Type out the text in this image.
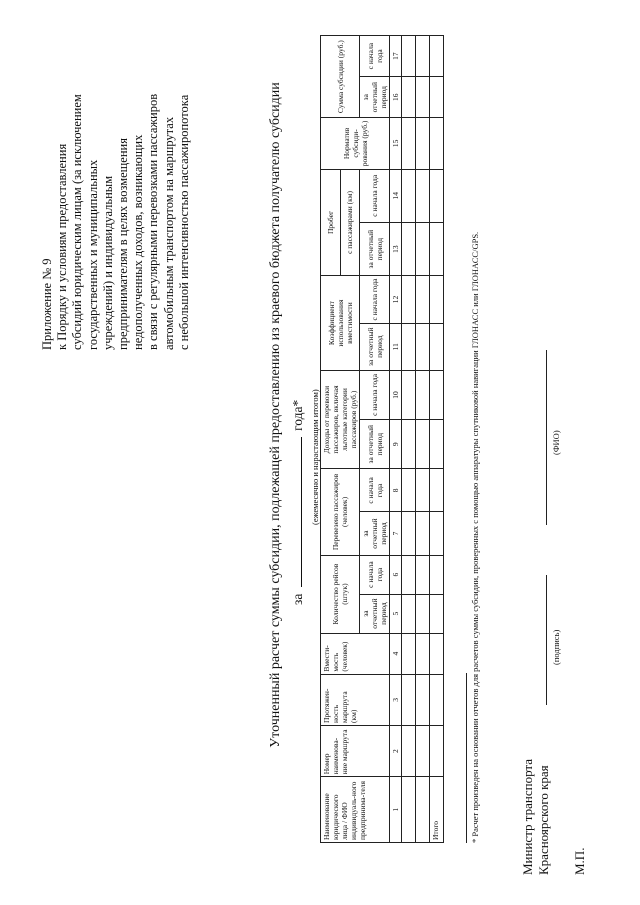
Приложение № 9 к Порядку и условиям предоставления субсидий юридическим лицам (за исключением государственных и муниципальных учреждений) и индивидуальным предпринимателям в целях возмещения недополученных доходов, возникающих в связи с регулярными перевозками пассажиров автомобильным транспортом на маршрутах с небольшой интенсивностью пассажиропотока	Уточненный расчет суммы субсидии, подлежащей предоставлению из краевого бюджета получателю субсидии за  года* (ежемесячно и нарастающим итогом)
Наименование юридического лица / ФИО индивидуаль-ного предпринима-теля	Номер наименова-ние маршрута	Протяжен-ность маршрута (км)	Вмести-мость (человек)	Количество рейсов (штук)		Перевезено пассажиров (человек)		Доходы от перевозки пассажиров, включая льготные категории пассажиров (руб.)		Коэффициент использования вместимости		Пробег		Норматив субсиди-рования (руб.)	Сумма субсидии (руб.)	
												с пассажирами (км)				
				за отчетный период	с начала года	за отчетный период	с начала года	за отчетный период	с начала года	за отчетный период	с начала года	за отчетный период	с начала года		за отчетный период	с начала года
1	2	3	4	5	6	7	8	9	10	11	12	13	14	15	16	17

Итого																	* Расчет произведен на основании отчетов для расчетов суммы субсидии, проверенных с помощью аппаратуры спутниковой навигации ГЛОНАСС или ГЛОНАСС/GPS.	Министр транспорта Красноярского края
(подпись)
(ФИО)
М.П.
